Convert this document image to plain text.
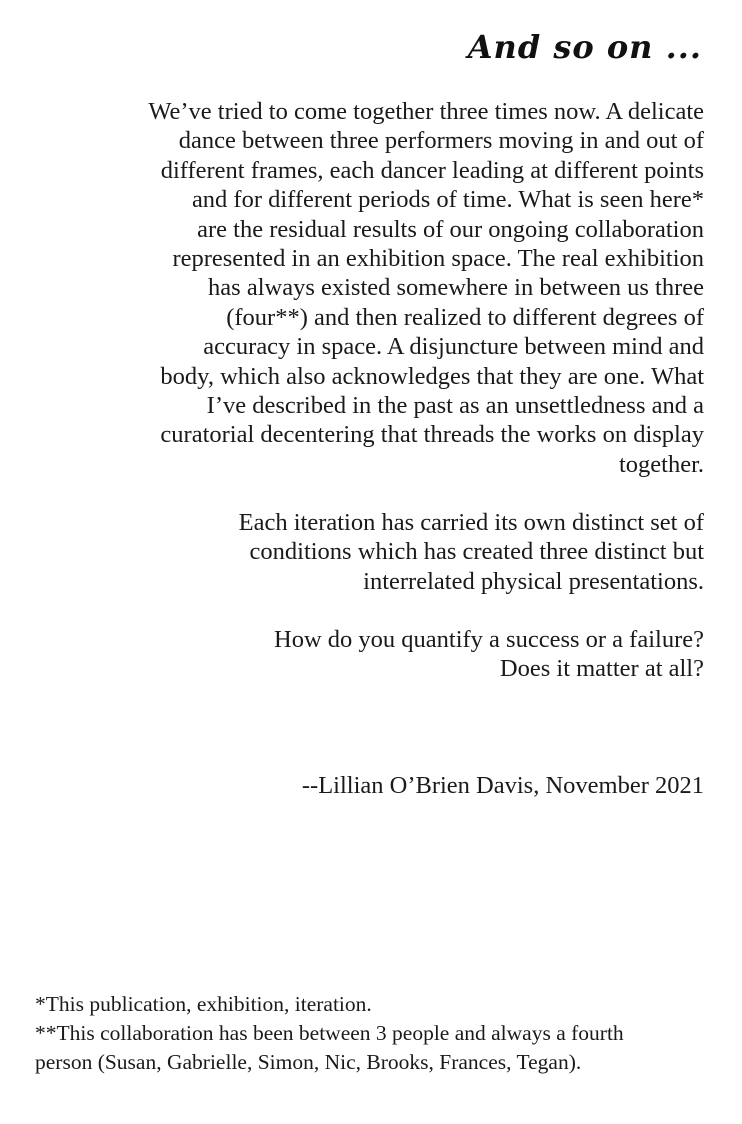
And so on ...

We’ve tried to come together three times now. A delicate
dance between three performers moving in and out of
different frames, each dancer leading at different points
and for different periods of time. What is seen here*
are the residual results of our ongoing collaboration
represented in an exhibition space. The real exhibition
has always existed somewhere in between us three
(four**) and then realized to different degrees of
accuracy in space. A disjuncture between mind and
body, which also acknowledges that they are one. What
I’ve described in the past as an unsettledness and a
curatorial decentering that threads the works on display
together.

Each iteration has carried its own distinct set of
conditions which has created three distinct but
interrelated physical presentations.

How do you quantify a success or a failure?
Does it matter at all?

--Lillian O’Brien Davis, November 2021

*This publication, exhibition, iteration.
**This collaboration has been between 3 people and always a fourth
person (Susan, Gabrielle, Simon, Nic, Brooks, Frances, Tegan).
